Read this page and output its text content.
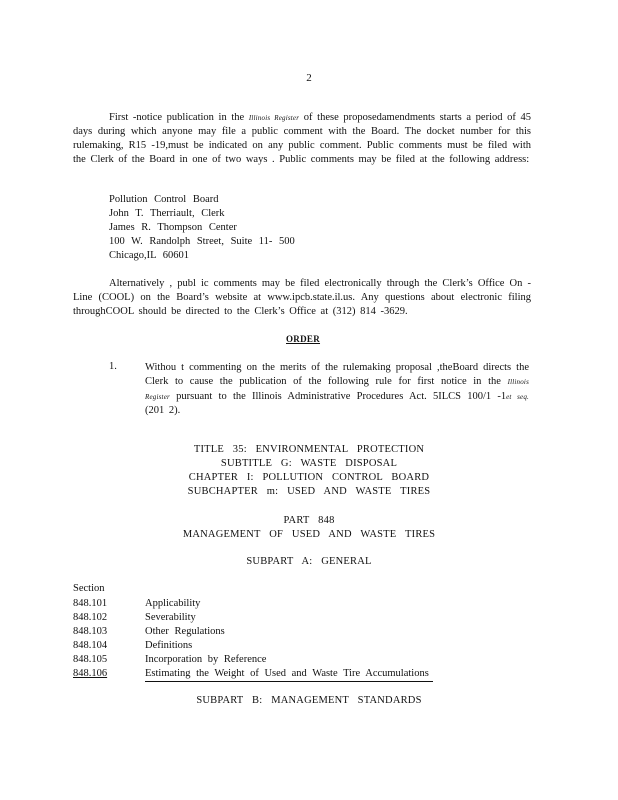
2
First -notice publication in the Illinois Register of these proposedamendments starts a period of 45 days during which anyone may file a public comment with the Board. The docket number for this rulemaking, R15 -19,must be indicated on any public comment. Public comments must be filed with the Clerk of the Board in one of two ways . Public comments may be filed at the following address:
Pollution Control Board
John T. Therriault, Clerk
James R. Thompson Center
100 W. Randolph Street, Suite 11- 500
Chicago,IL 60601
Alternatively , publ ic comments may be filed electronically through the Clerk’s Office On -Line (COOL) on the Board’s website at www.ipcb.state.il.us. Any questions about electronic filing throughCOOL should be directed to the Clerk’s Office at (312) 814 -3629.
ORDER
1.	Withou t commenting on the merits of the rulemaking proposal ,theBoard directs the Clerk to cause the publication of the following rule for first notice in the Illinois Register pursuant to the Illinois Administrative Procedures Act. 5ILCS 100/1 -1et seq. (201 2).
TITLE 35: ENVIRONMENTAL PROTECTION
SUBTITLE G: WASTE DISPOSAL
CHAPTER I: POLLUTION CONTROL BOARD
SUBCHAPTER m: USED AND WASTE TIRES
PART 848
MANAGEMENT OF USED AND WASTE TIRES
SUBPART A: GENERAL
Section
848.101	Applicability
848.102	Severability
848.103	Other Regulations
848.104	Definitions
848.105	Incorporation by Reference
848.106	Estimating the Weight of Used and Waste Tire Accumulations
SUBPART B: MANAGEMENT STANDARDS
